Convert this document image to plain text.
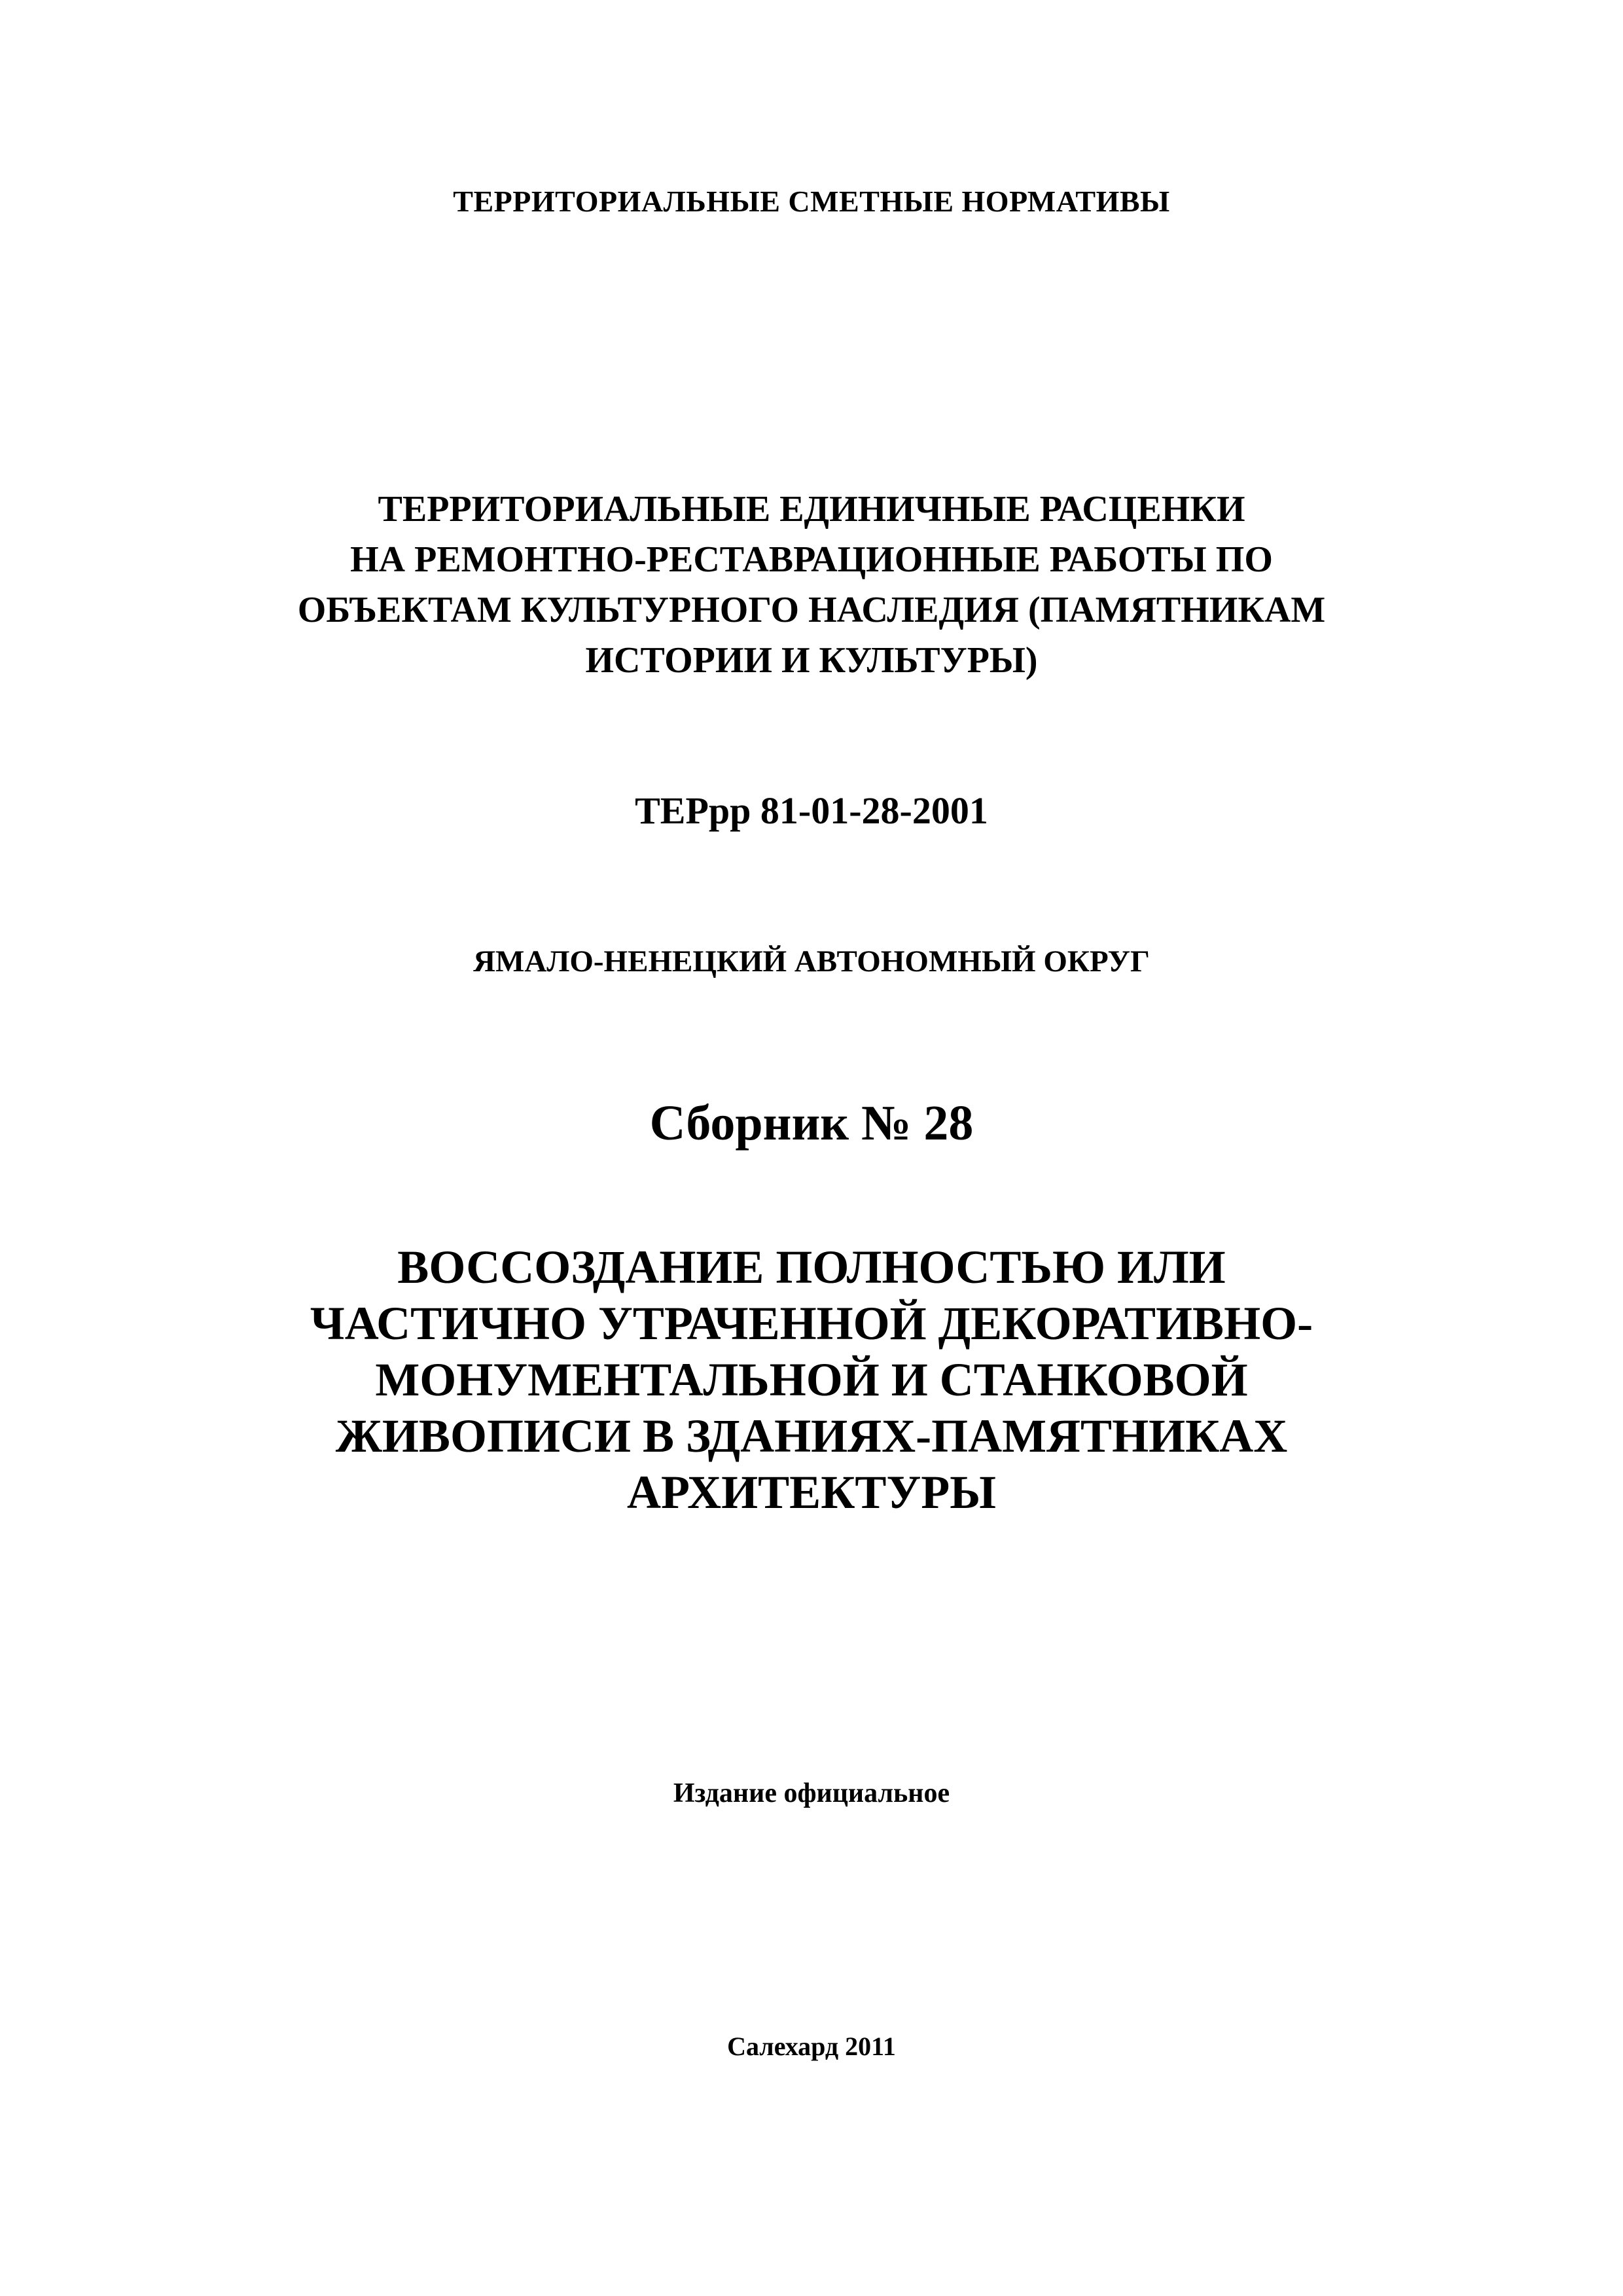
ТЕРРИТОРИАЛЬНЫЕ СМЕТНЫЕ НОРМАТИВЫ
ТЕРРИТОРИАЛЬНЫЕ ЕДИНИЧНЫЕ РАСЦЕНКИ
НА РЕМОНТНО-РЕСТАВРАЦИОННЫЕ РАБОТЫ ПО
ОБЪЕКТАМ КУЛЬТУРНОГО НАСЛЕДИЯ (ПАМЯТНИКАМ
ИСТОРИИ И КУЛЬТУРЫ)
ТЕРрр 81-01-28-2001
ЯМАЛО-НЕНЕЦКИЙ АВТОНОМНЫЙ ОКРУГ
Сборник № 28
ВОССОЗДАНИЕ ПОЛНОСТЬЮ ИЛИ
ЧАСТИЧНО УТРАЧЕННОЙ ДЕКОРАТИВНО-
МОНУМЕНТАЛЬНОЙ И СТАНКОВОЙ
ЖИВОПИСИ В ЗДАНИЯХ-ПАМЯТНИКАХ
АРХИТЕКТУРЫ
Издание официальное
Салехард 2011
